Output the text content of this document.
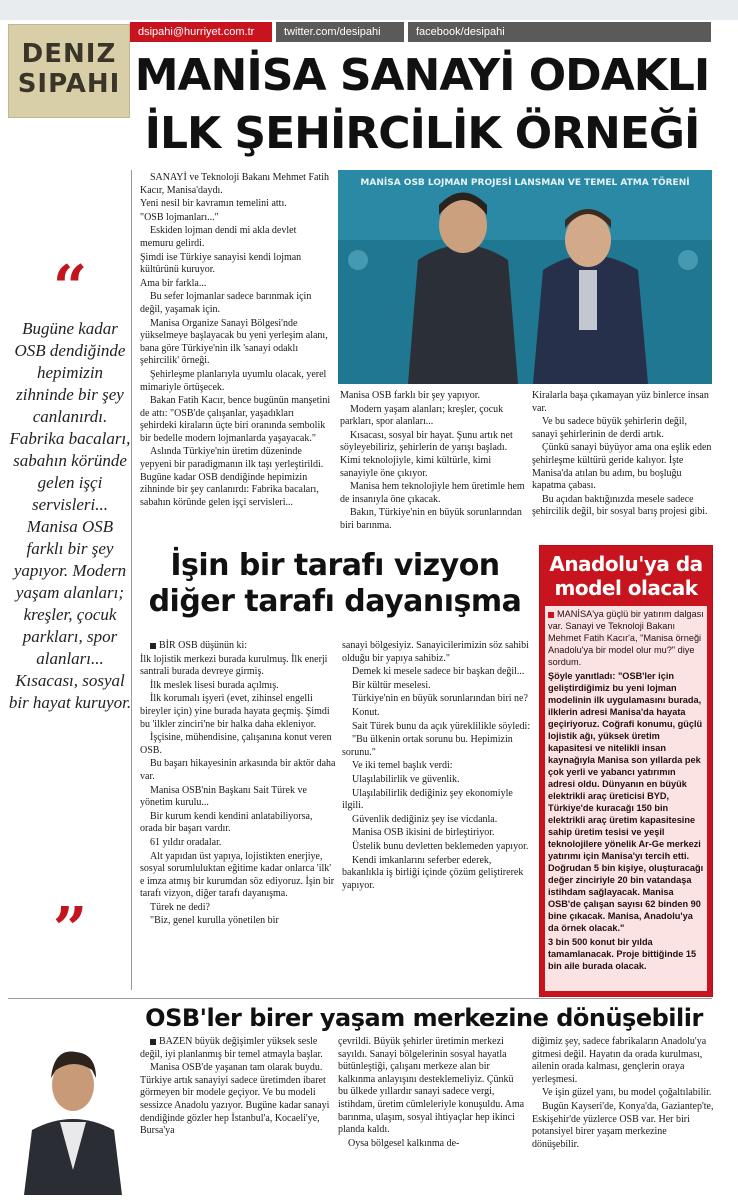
dsipahi@hurriyet.com.tr	twitter.com/desipahi	facebook/desipahi
DENIZ
SIPAHI MANİSA SANAYİ ODAKLI
İLK ŞEHİRCİLİK ÖRNEĞİ
“
Bugüne kadar OSB dendiğinde hepimizin zihninde bir şey canlanırdı. Fabrika bacaları, sabahın köründe gelen işçi servisleri... Manisa OSB farklı bir şey yapıyor. Modern yaşam alanları; kreşler, çocuk parkları, spor alanları... Kısacası, sosyal bir hayat kuruyor.
”

SANAYİ ve Teknoloji Bakanı Mehmet Fatih Kacır, Manisa'daydı.

Yeni nesil bir kavramın temelini attı.

"OSB lojmanları..."

Eskiden lojman dendi mi akla devlet memuru gelirdi.

Şimdi ise Türkiye sanayisi kendi lojman kültürünü kuruyor.

Ama bir farkla...

Bu sefer lojmanlar sadece barınmak için değil, yaşamak için.

Manisa Organize Sanayi Bölgesi'nde yükselmeye başlayacak bu yeni yerleşim alanı, bana göre Türkiye'nin ilk 'sanayi odaklı şehircilik' örneği.

Şehirleşme planlarıyla uyumlu olacak, yerel mimariyle örtüşecek.

Bakan Fatih Kacır, bence bugünün manşetini de attı: "OSB'de çalışanlar, yaşadıkları şehirdeki kiraların üçte biri oranında sembolik bir bedelle modern lojmanlarda yaşayacak."

Aslında Türkiye'nin üretim düzeninde yepyeni bir paradigmanın ilk taşı yerleştirildi. Bugüne kadar OSB dendiğinde hepimizin zihninde bir şey canlanırdı: Fabrika bacaları, sabahın köründe gelen işçi servisleri...

MANİSA OSB LOJMAN PROJESİ LANSMAN VE TEMEL ATMA TÖRENİ

Manisa OSB farklı bir şey yapıyor.

Modern yaşam alanları; kreşler, çocuk parkları, spor alanları...

Kısacası, sosyal bir hayat. Şunu artık net söyleyebiliriz, şehirlerin de yarışı başladı. Kimi teknolojiyle, kimi kültürle, kimi sanayiyle öne çıkıyor.

Manisa hem teknolojiyle hem üretimle hem de insanıyla öne çıkacak.

Bakın, Türkiye'nin en büyük sorunlarından biri barınma.

Kiralarla başa çıkamayan yüz binlerce insan var.

Ve bu sadece büyük şehirlerin değil, sanayi şehirlerinin de derdi artık.

Çünkü sanayi büyüyor ama ona eşlik eden şehirleşme kültürü geride kalıyor. İşte Manisa'da atılan bu adım, bu boşluğu kapatma çabası.

Bu açıdan baktığınızda mesele sadece şehircilik değil, bir sosyal barış projesi gibi.

İşin bir tarafı vizyon
diğer tarafı dayanışma

BİR OSB düşünün ki:

İlk lojistik merkezi burada kurulmuş. İlk enerji santrali burada devreye girmiş.

İlk meslek lisesi burada açılmış.

İlk korumalı işyeri (evet, zihinsel engelli bireyler için) yine burada hayata geçmiş. Şimdi bu 'ilkler zinciri'ne bir halka daha ekleniyor.

İşçisine, mühendisine, çalışanına konut veren OSB.

Bu başarı hikayesinin arkasında bir aktör daha var.

Manisa OSB'nin Başkanı Sait Türek ve yönetim kurulu...

Bir kurum kendi kendini anlatabiliyorsa, orada bir başarı vardır.

61 yıldır oradalar.

Alt yapıdan üst yapıya, lojistikten enerjiye, sosyal sorumluluktan eğitime kadar onlarca 'ilk' e imza atmış bir kurumdan söz ediyoruz. İşin bir tarafı vizyon, diğer tarafı dayanışma.

Türek ne dedi?

"Biz, genel kurulla yönetilen bir

sanayi bölgesiyiz. Sanayicilerimizin söz sahibi olduğu bir yapıya sahibiz."

Demek ki mesele sadece bir başkan değil...

Bir kültür meselesi.

Türkiye'nin en büyük sorunlarından biri ne?

Konut.

Sait Türek bunu da açık yüreklilikle söyledi:

"Bu ülkenin ortak sorunu bu. Hepimizin sorunu."

Ve iki temel başlık verdi:

Ulaşılabilirlik ve güvenlik.

Ulaşılabilirlik dediğiniz şey ekonomiyle ilgili.

Güvenlik dediğiniz şey ise vicdanla.

Manisa OSB ikisini de birleştiriyor.

Üstelik bunu devletten beklemeden yapıyor.

Kendi imkanlarını seferber ederek, bakanlıkla iş birliği içinde çözüm geliştirerek yapıyor.

Anadolu'ya da
model olacak

MANİSA'ya güçlü bir yatırım dalgası var. Sanayi ve Teknoloji Bakanı Mehmet Fatih Kacır'a, "Manisa örneği Anadolu'ya bir model olur mu?" diye sordum.

Şöyle yanıtladı: "OSB'ler için geliştirdiğimiz bu yeni lojman modelinin ilk uygulamasını burada, ilklerin adresi Manisa'da hayata geçiriyoruz. Coğrafi konumu, güçlü lojistik ağı, yüksek üretim kapasitesi ve nitelikli insan kaynağıyla Manisa son yıllarda pek çok yerli ve yabancı yatırımın adresi oldu. Dünyanın en büyük elektrikli araç üreticisi BYD, Türkiye'de kuracağı 150 bin elektrikli araç üretim kapasitesine sahip üretim tesisi ve yeşil teknolojilere yönelik Ar-Ge merkezi yatırımı için Manisa'yı tercih etti. Doğrudan 5 bin kişiye, oluşturacağı değer zinciriyle 20 bin vatandaşa istihdam sağlayacak. Manisa OSB'de çalışan sayısı 62 binden 90 bine çıkacak. Manisa, Anadolu'ya da örnek olacak."

3 bin 500 konut bir yılda tamamlanacak. Proje bittiğinde 15 bin aile burada olacak.

OSB'ler birer yaşam merkezine dönüşebilir

BAZEN büyük değişimler yüksek sesle değil, iyi planlanmış bir temel atmayla başlar.

Manisa OSB'de yaşanan tam olarak buydu. Türkiye artık sanayiyi sadece üretimden ibaret görmeyen bir modele geçiyor. Ve bu modeli sessizce Anadolu yazıyor. Bugüne kadar sanayi dendiğinde gözler hep İstanbul'a, Kocaeli'ye, Bursa'ya

çevrildi. Büyük şehirler üretimin merkezi sayıldı. Sanayi bölgelerinin sosyal hayatla bütünleştiği, çalışanı merkeze alan bir kalkınma anlayışını desteklemeliyiz. Çünkü bu ülkede yıllardır sanayi sadece vergi, istihdam, üretim cümleleriyle konuşuldu. Ama barınma, ulaşım, sosyal ihtiyaçlar hep ikinci planda kaldı.

Oysa bölgesel kalkınma de-

diğimiz şey, sadece fabrikaların Anadolu'ya gitmesi değil. Hayatın da orada kurulması, ailenin orada kalması, gençlerin oraya yerleşmesi.

Ve işin güzel yanı, bu model çoğaltılabilir.

Bugün Kayseri'de, Konya'da, Gaziantep'te, Eskişehir'de yüzlerce OSB var. Her biri potansiyel birer yaşam merkezine dönüşebilir.
